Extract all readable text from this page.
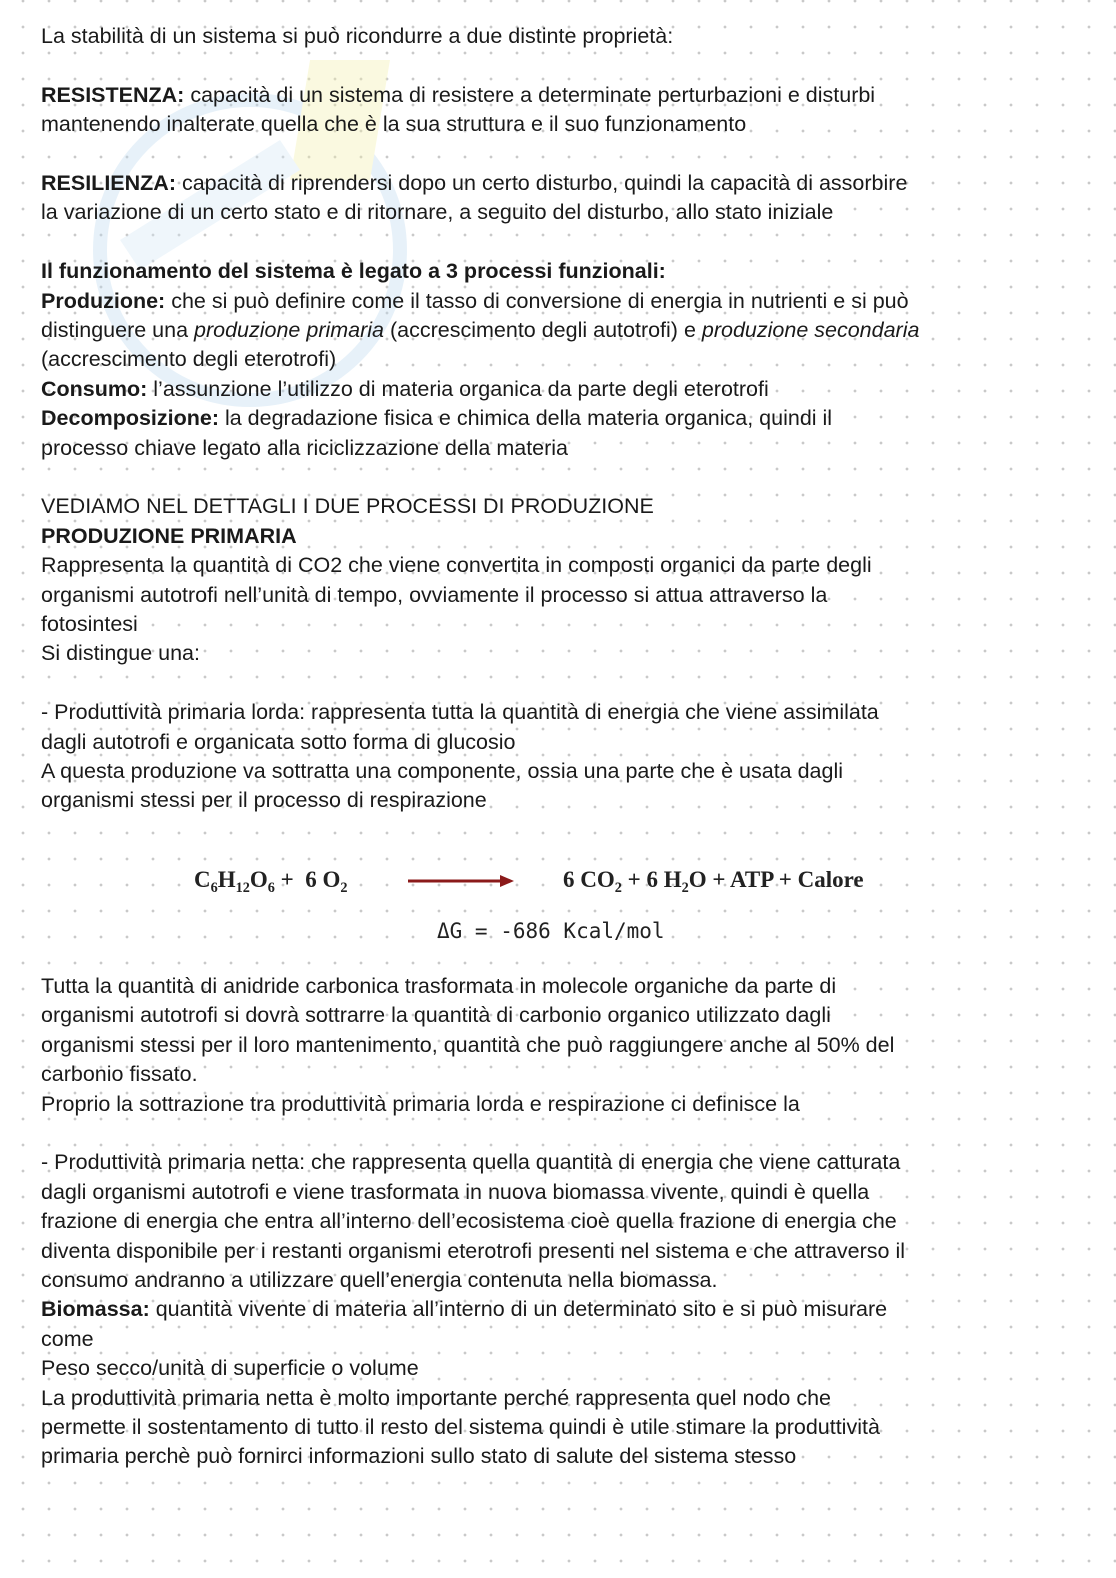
La stabilità di un sistema si può ricondurre a due distinte proprietà:

RESISTENZA: capacità di un sistema di resistere a determinate perturbazioni e disturbi
mantenendo inalterate quella che è la sua struttura e il suo funzionamento

RESILIENZA: capacità di riprendersi dopo un certo disturbo, quindi la capacità di assorbire
la variazione di un certo stato e di ritornare, a seguito del disturbo, allo stato iniziale

Il funzionamento del sistema è legato a 3 processi funzionali:

Produzione: che si può definire come il tasso di conversione di energia in nutrienti e si può
distinguere una produzione primaria (accrescimento degli autotrofi) e produzione secondaria
(accrescimento degli eterotrofi)

Consumo: l’assunzione l’utilizzo di materia organica da parte degli eterotrofi

Decomposizione: la degradazione fisica e chimica della materia organica, quindi il
processo chiave legato alla riciclizzazione della materia

VEDIAMO NEL DETTAGLI I DUE PROCESSI DI PRODUZIONE

PRODUZIONE PRIMARIA

Rappresenta la quantità di CO2 che viene convertita in composti organici da parte degli
organismi autotrofi nell’unità di tempo, ovviamente il processo si attua attraverso la
fotosintesi
Si distingue una:

- Produttività primaria lorda: rappresenta tutta la quantità di energia che viene assimilata
dagli autotrofi e organicata sotto forma di glucosio
A questa produzione va sottratta una componente, ossia una parte che è usata dagli
organismi stessi per il processo di respirazione

$C_6H_{12}O_6 + 6$ $O_2$	6 $CO_2 + 6$ $H_2O$ + ATP + Calore
ΔG = -686 Kcal/mol

Tutta la quantità di anidride carbonica trasformata in molecole organiche da parte di
organismi autotrofi si dovrà sottrarre la quantità di carbonio organico utilizzato dagli
organismi stessi per il loro mantenimento, quantità che può raggiungere anche al 50% del
carbonio fissato.
Proprio la sottrazione tra produttività primaria lorda e respirazione ci definisce la

- Produttività primaria netta: che rappresenta quella quantità di energia che viene catturata
dagli organismi autotrofi e viene trasformata in nuova biomassa vivente, quindi è quella
frazione di energia che entra all’interno dell’ecosistema cioè quella frazione di energia che
diventa disponibile per i restanti organismi eterotrofi presenti nel sistema e che attraverso il
consumo andranno a utilizzare quell’energia contenuta nella biomassa.

Biomassa: quantità vivente di materia all’interno di un determinato sito e si può misurare
come
Peso secco/unità di superficie o volume

La produttività primaria netta è molto importante perché rappresenta quel nodo che
permette il sostentamento di tutto il resto del sistema quindi è utile stimare la produttività
primaria perchè può fornirci informazioni sullo stato di salute del sistema stesso
